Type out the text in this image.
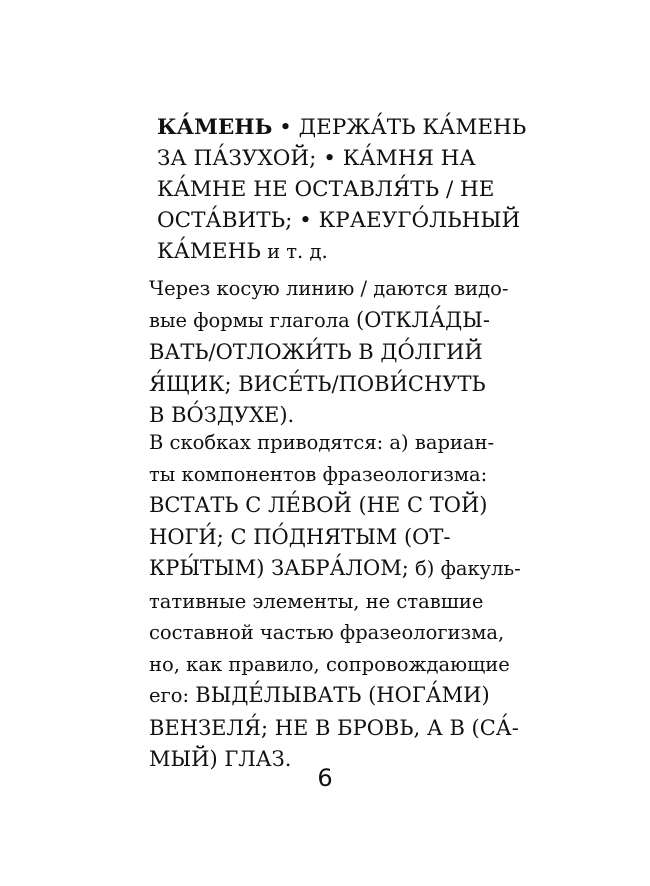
КА́МЕНЬ • ДЕРЖА́ТЬ КА́МЕНЬ
ЗА ПА́ЗУХОЙ; • КА́МНЯ НА
КА́МНЕ НЕ ОСТАВЛЯ́ТЬ / НЕ
ОСТА́ВИТЬ; • КРАЕУГО́ЛЬНЫЙ
КА́МЕНЬ и т. д.

Через косую линию / даются видо-
вые формы глагола (ОТКЛА́ДЫ-
ВАТЬ/ОТЛОЖИ́ТЬ В ДО́ЛГИЙ
Я́ЩИК; ВИСЕ́ТЬ/ПОВИ́СНУТЬ
В ВО́ЗДУХЕ).

В скобках приводятся: а) вариан-
ты компонентов фразеологизма:
ВСТАТЬ С ЛЕ́ВОЙ (НЕ С ТОЙ)
НОГИ́; С ПО́ДНЯТЫМ (ОТ-
КРЫ́ТЫМ) ЗАБРА́ЛОМ; б) факуль-
тативные элементы, не ставшие
составной частью фразеологизма,
но, как правило, сопровождающие
его: ВЫДЕ́ЛЫВАТЬ (НОГА́МИ)
ВЕНЗЕЛЯ́; НЕ В БРОВЬ, А В (СА́-
МЫЙ) ГЛАЗ.

6
